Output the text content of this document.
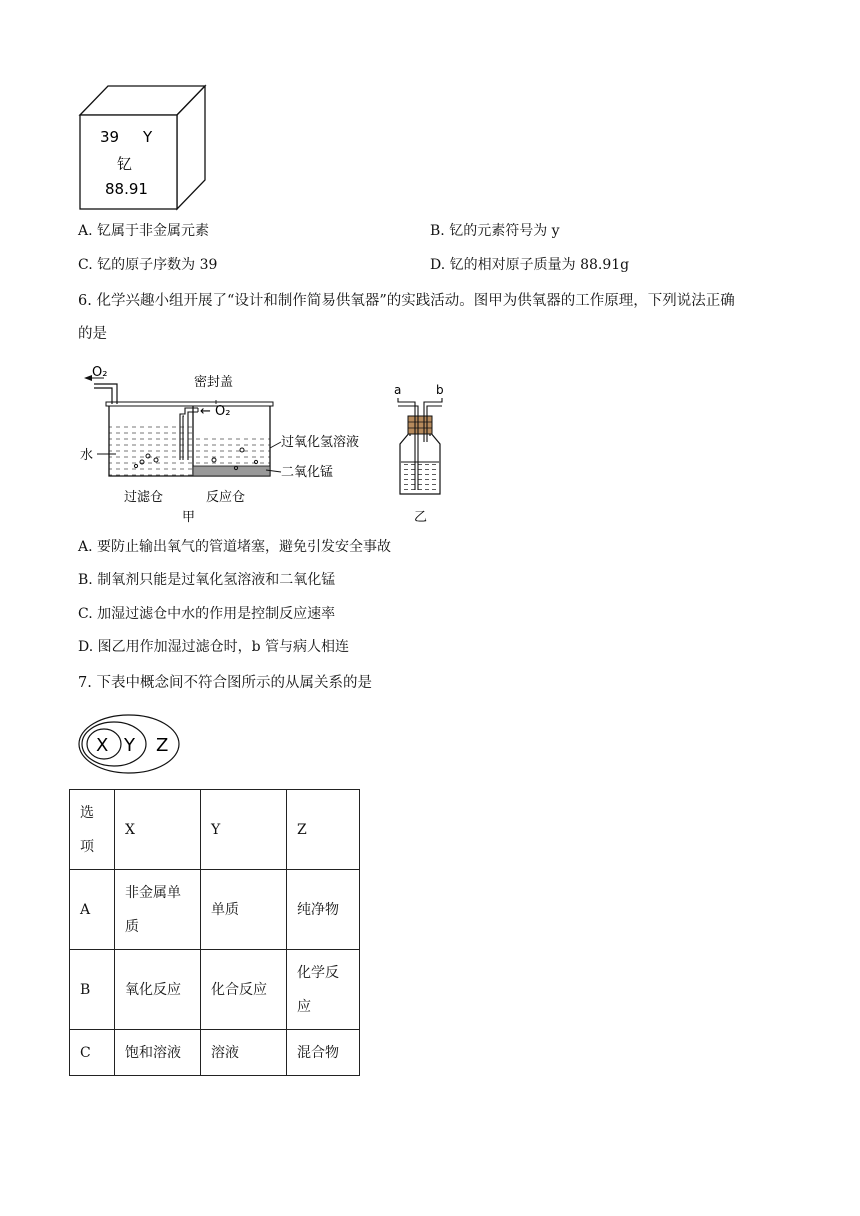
39 Y
钇
88.91
A. 钇属于非金属元素	B. 钇的元素符号为 y
C. 钇的原子序数为 39	D. 钇的相对原子质量为 88.91g
6. 化学兴趣小组开展了“设计和制作简易供氧器”的实践活动。图甲为供氧器的工作原理，下列说法正确
的是
O₂
密封盖
← O₂
水
过氧化氢溶液
二氧化锰
过滤仓	反应仓
甲
a	b
乙
A. 要防止输出氧气的管道堵塞，避免引发安全事故
B. 制氧剂只能是过氧化氢溶液和二氧化锰
C. 加湿过滤仓中水的作用是控制反应速率
D. 图乙用作加湿过滤仓时，b 管与病人相连
7. 下表中概念间不符合图所示的从属关系的是
X Y Z
选项	X	Y	Z
A	非金属单质	单质	纯净物
B	氧化反应	化合反应	化学反应
C	饱和溶液	溶液	混合物
